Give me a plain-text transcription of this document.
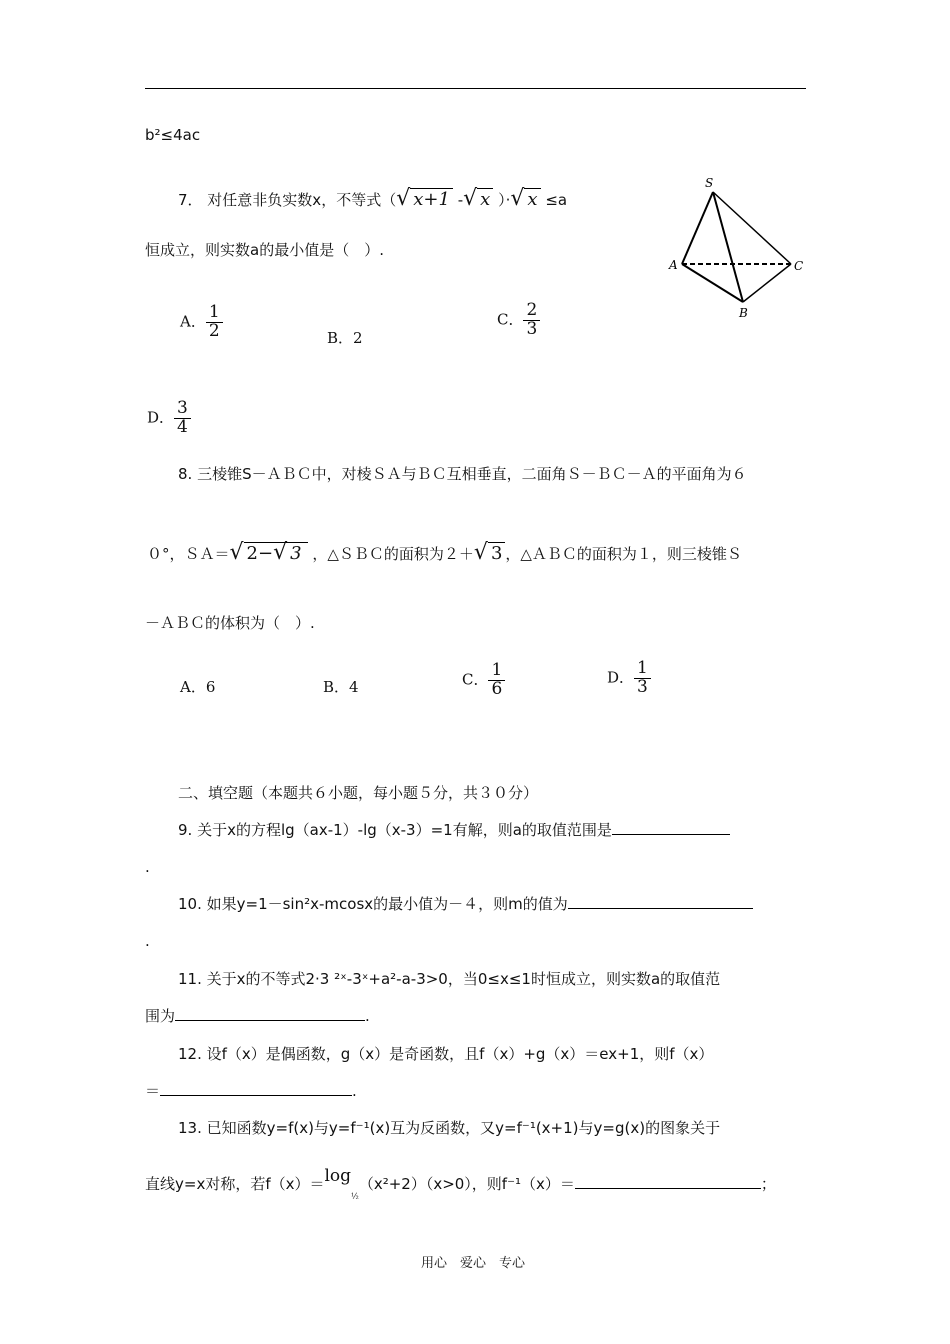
b²≤4ac
7． 对任意非负实数x，不等式（√ x+1 -√ x ）·√ x ≤a
恒成立，则实数a的最小值是（　）.
A． $\frac{1}{2}$	B．2
C． $\frac{2}{3}$
D． $\frac{3}{4}$
S
A
B
C
8. 三棱锥S－ＡＢＣ中，对棱ＳＡ与ＢＣ互相垂直，二面角Ｓ－ＢＣ－Ａ的平面角为６
０°，ＳＡ＝√ 2−√ 3 ，△ＳＢＣ的面积为２＋√ 3 ，△ＡＢＣ的面积为１，则三棱锥Ｓ
－ＡＢＣ的体积为（　）.
A．6	B．4	C． $\frac{1}{6}$	D． $\frac{1}{3}$
二、填空题（本题共６小题，每小题５分，共３０分）
9. 关于x的方程lg（ax-1）-lg（x-3）=1有解，则a的取值范围是
.
10. 如果y=1－sin²x-mcosx的最小值为－４，则m的值为
.
11. 关于x的不等式2·3 ²ˣ-3ˣ+a²-a-3>0，当0≤x≤1时恒成立，则实数a的取值范
围为	.
12. 设f（x）是偶函数，g（x）是奇函数，且f（x）+g（x）＝ex+1，则f（x）
＝	.
13. 已知函数y=f(x)与y=f⁻¹(x)互为反函数，又y=f⁻¹(x+1)与y=g(x)的图象关于
直线y=x对称，若$f(x)=\log_{\frac{1}{2}}(x^2+2)(x>0)$，则f⁻¹（x）＝	；
用心　爱心　专心
